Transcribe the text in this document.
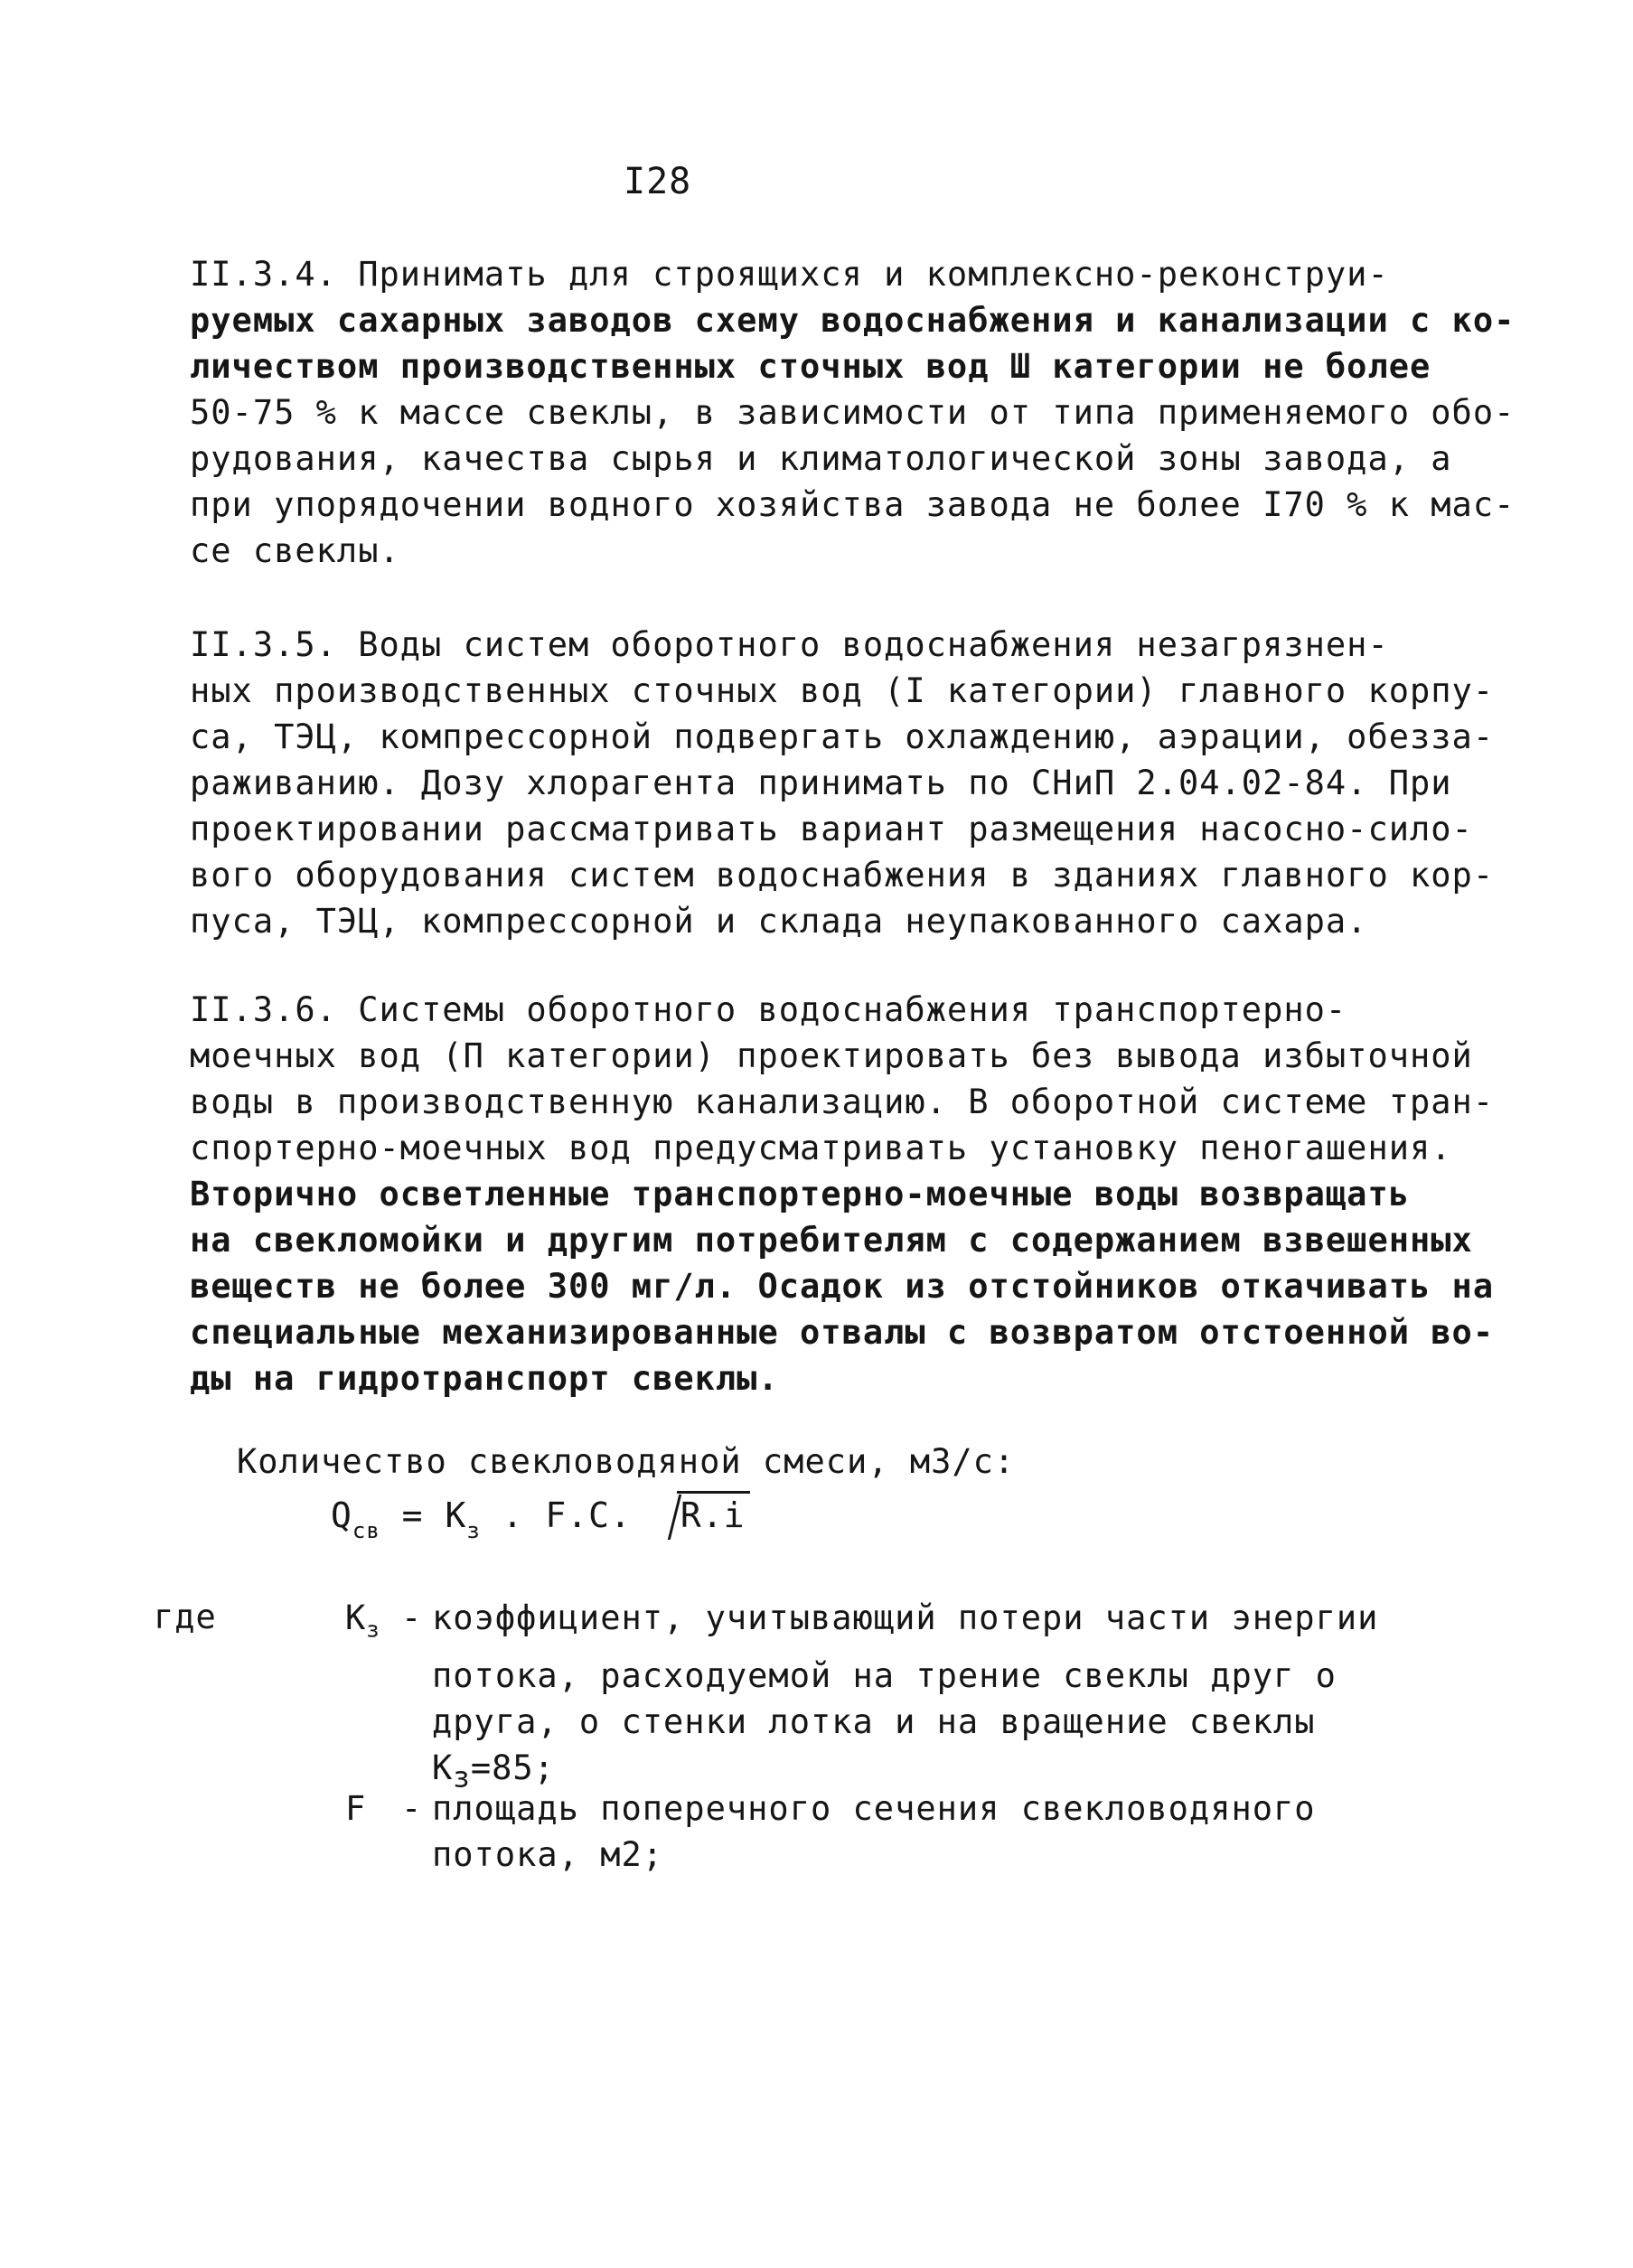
I28
II.3.4. Принимать для строящихся и комплексно-реконструи-
руемых сахарных заводов схему водоснабжения и канализации с ко-
личеством производственных сточных вод Ш категории не более
50-75 % к массе свеклы, в зависимости от типа применяемого обо-
рудования, качества сырья и климатологической зоны завода, а
при упорядочении водного хозяйства завода не более I70 % к мас-
се свеклы.
II.3.5. Воды систем оборотного водоснабжения незагрязнен-
ных производственных сточных вод (I категории) главного корпу-
са, ТЭЦ, компрессорной подвергать охлаждению, аэрации, обезза-
раживанию. Дозу хлорагента принимать по СНиП 2.04.02-84. При
проектировании рассматривать вариант размещения насосно-сило-
вого оборудования систем водоснабжения в зданиях главного кор-
пуса, ТЭЦ, компрессорной и склада неупакованного сахара.
II.3.6. Системы оборотного водоснабжения транспортерно-
моечных вод (П категории) проектировать без вывода избыточной
воды в производственную канализацию. В оборотной системе тран-
спортерно-моечных вод предусматривать установку пеногашения.
Вторично осветленные транспортерно-моечные воды возвращать
на свекломойки и другим потребителям с содержанием взвешенных
веществ не более 300 мг/л. Осадок из отстойников откачивать на
специальные механизированные отвалы с возвратом отстоенной во-
ды на гидротранспорт свеклы.
Количество свекловодяной смеси, м3/с:
$Q_{св} = K_з$ . F.C. R.i
где	$K_з$ - коэффициент, учитывающий потери части энергии
потока, расходуемой на трение свеклы друг о
друга, о стенки лотка и на вращение свеклы
$K_з=85$;
F - площадь поперечного сечения свекловодяного
потока, м2;
